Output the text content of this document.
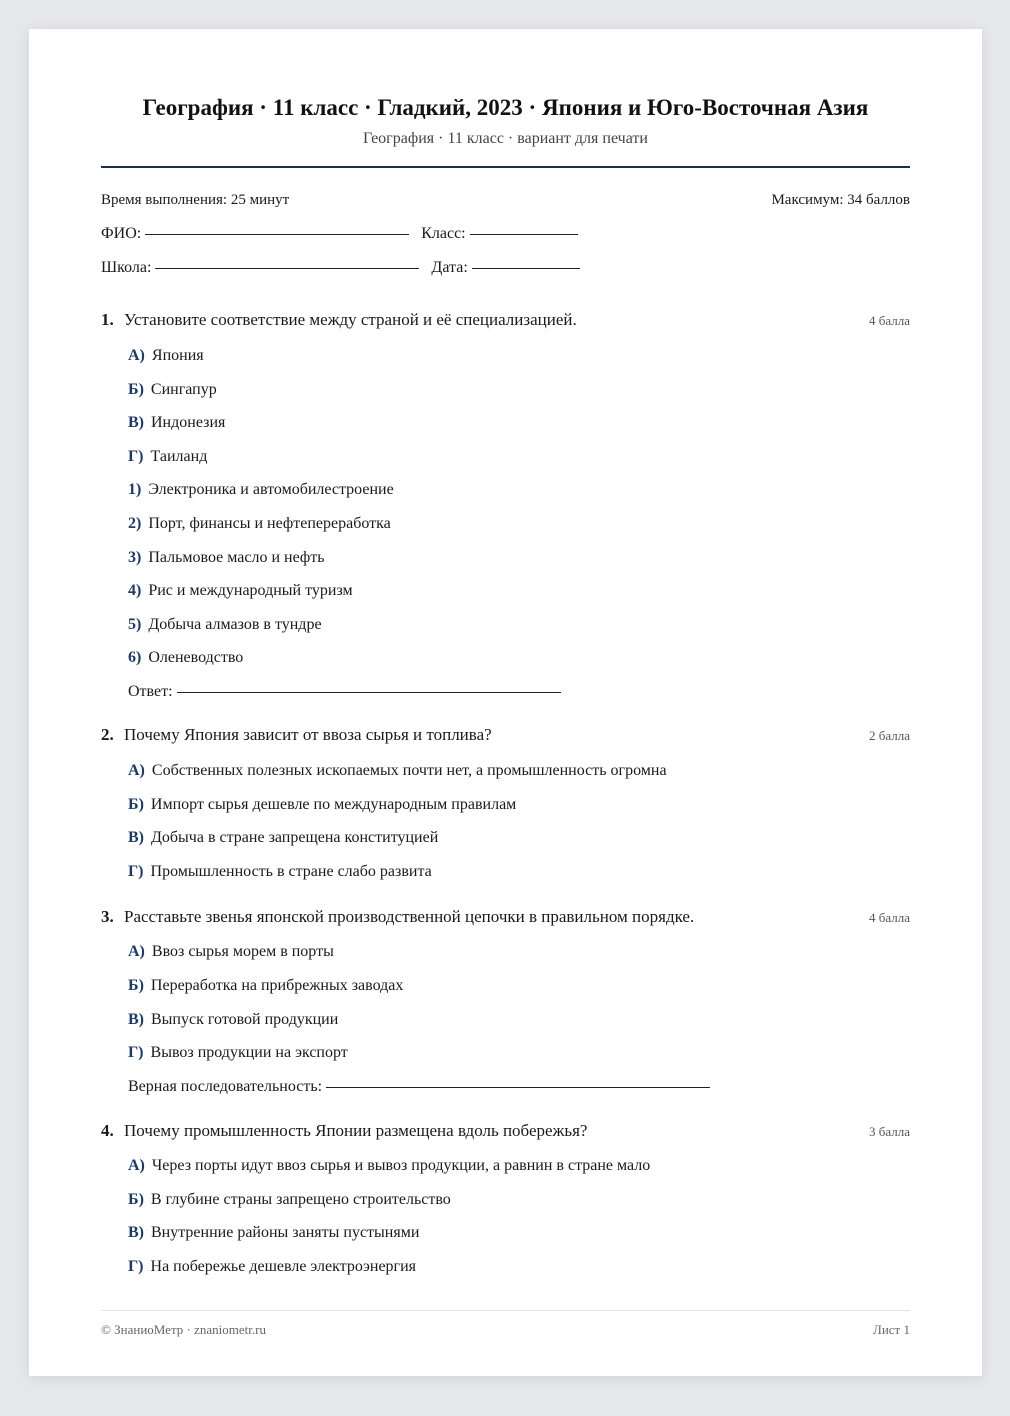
География · 11 класс · Гладкий, 2023 · Япония и Юго-Восточная Азия
География · 11 класс · вариант для печати
Время выполнения: 25 минут	Максимум: 34 баллов
ФИО:	Класс:
Школа:	Дата:
1. Установите соответствие между страной и её специализацией.	4 балла
А) Япония
Б) Сингапур
В) Индонезия
Г) Таиланд
1) Электроника и автомобилестроение
2) Порт, финансы и нефтепереработка
3) Пальмовое масло и нефть
4) Рис и международный туризм
5) Добыча алмазов в тундре
6) Оленеводство
Ответ:
2. Почему Япония зависит от ввоза сырья и топлива?	2 балла
А) Собственных полезных ископаемых почти нет, а промышленность огромна
Б) Импорт сырья дешевле по международным правилам
В) Добыча в стране запрещена конституцией
Г) Промышленность в стране слабо развита
3. Расставьте звенья японской производственной цепочки в правильном порядке.	4 балла
А) Ввоз сырья морем в порты
Б) Переработка на прибрежных заводах
В) Выпуск готовой продукции
Г) Вывоз продукции на экспорт
Верная последовательность:
4. Почему промышленность Японии размещена вдоль побережья?	3 балла
А) Через порты идут ввоз сырья и вывоз продукции, а равнин в стране мало
Б) В глубине страны запрещено строительство
В) Внутренние районы заняты пустынями
Г) На побережье дешевле электроэнергия
© ЗнаниоМетр · znaniometr.ru	Лист 1
